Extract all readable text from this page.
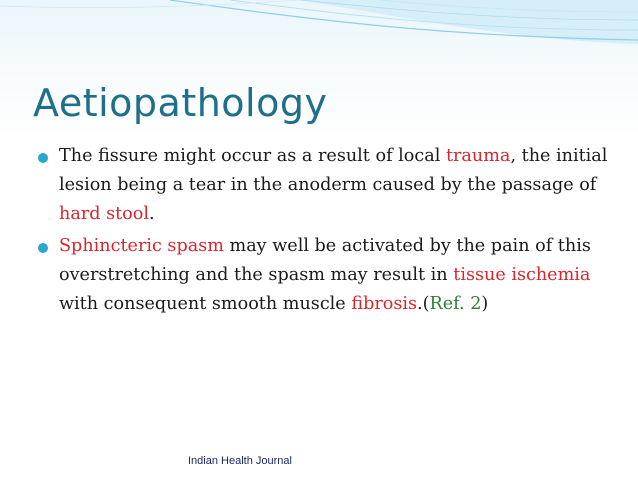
Aetiopathology
The fissure might occur as a result of local trauma, the initial lesion being a tear in the anoderm caused by the passage of hard stool.
Sphincteric spasm may well be activated by the pain of this overstretching and the spasm may result in tissue ischemia with consequent smooth muscle fibrosis.(Ref. 2)
Indian Health Journal
